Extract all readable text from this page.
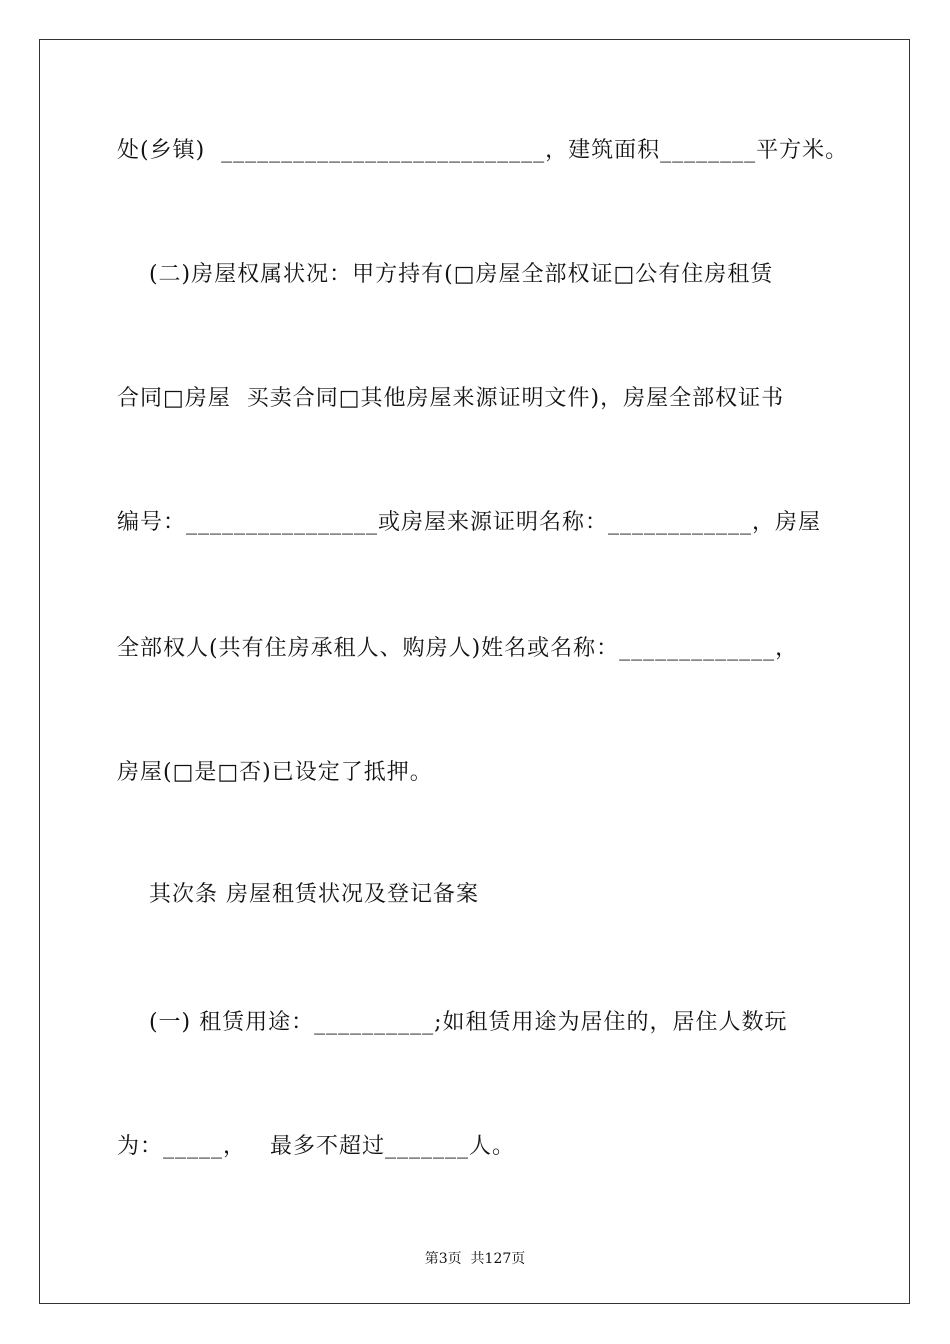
处(乡镇)  ___________________________，建筑面积________平方米。
(二)房屋权属状况：甲方持有(□房屋全部权证□公有住房租赁
合同□房屋  买卖合同□其他房屋来源证明文件)，房屋全部权证书
编号：________________或房屋来源证明名称：____________，房屋
全部权人(共有住房承租人、购房人)姓名或名称：_____________，
房屋(□是□否)已设定了抵押。
其次条 房屋租赁状况及登记备案
(一) 租赁用途：__________;如租赁用途为居住的，居住人数玩
为：_____，   最多不超过_______人。
第3页  共127页
